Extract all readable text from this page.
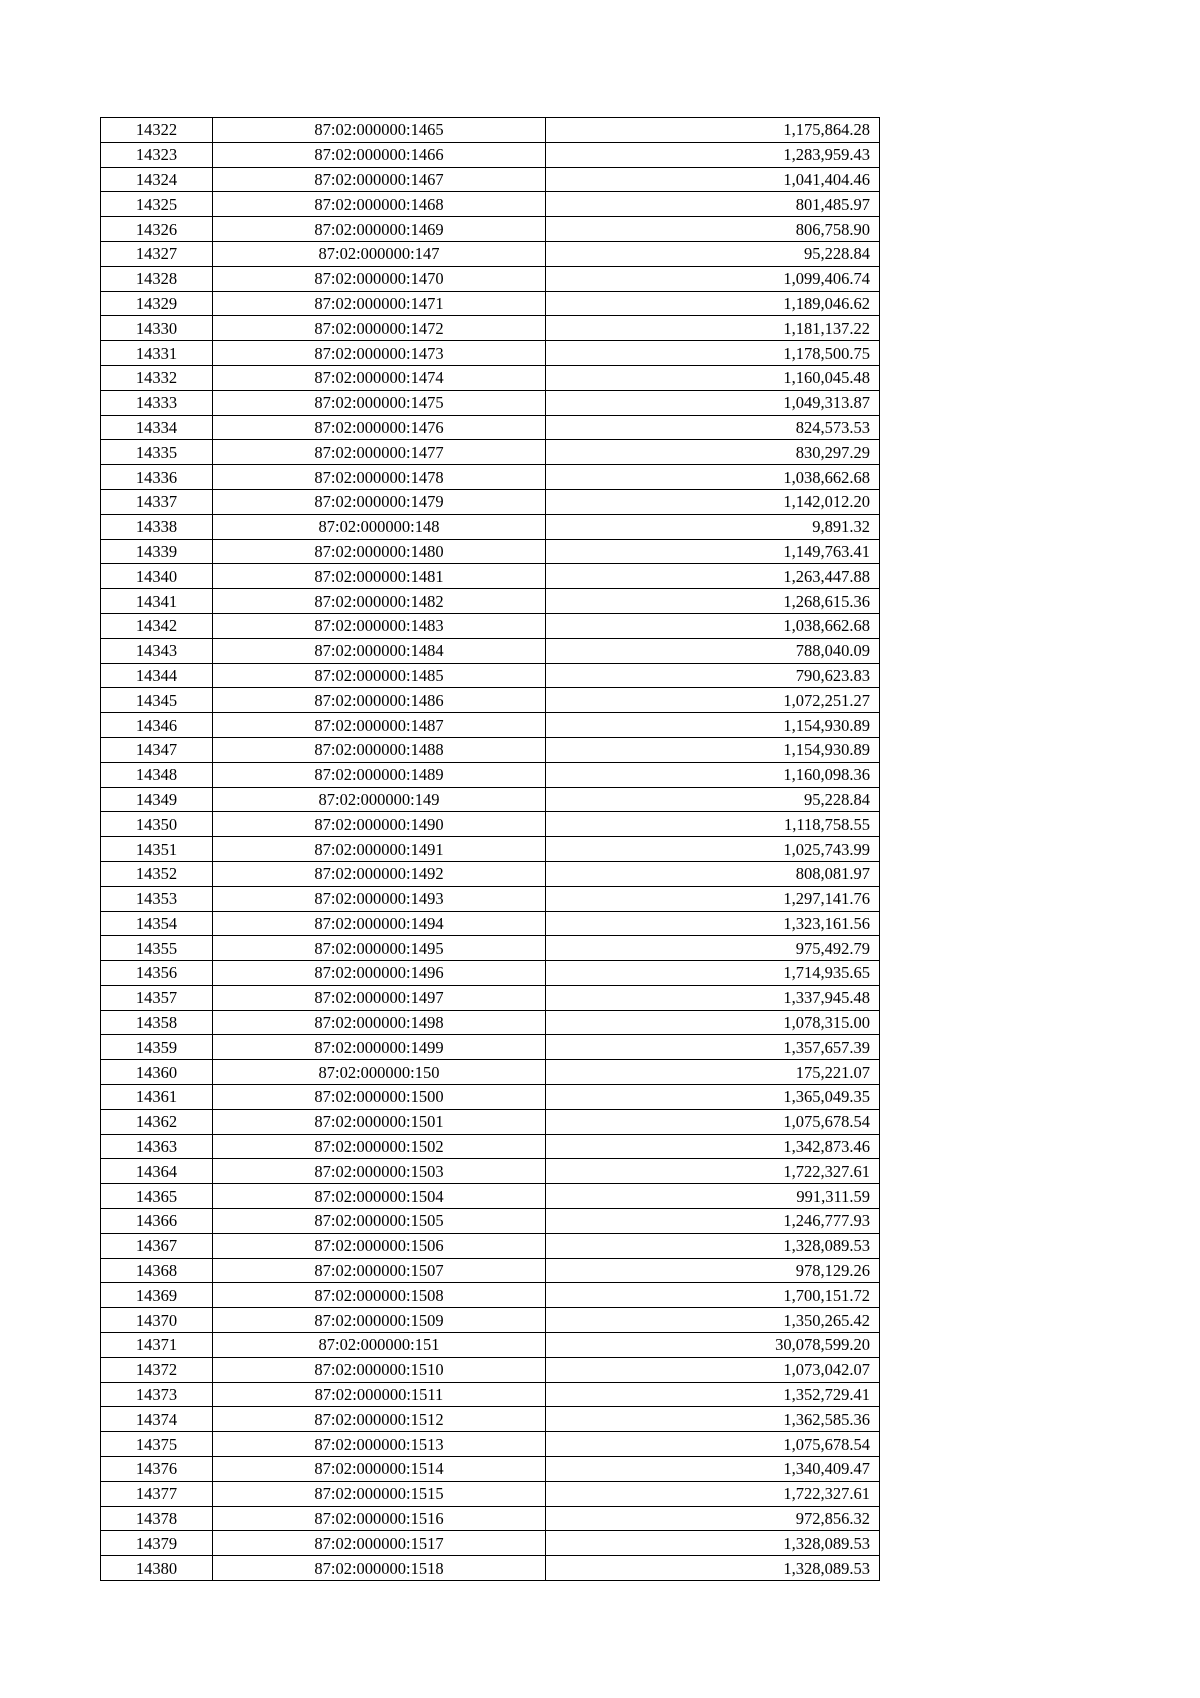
14322	87:02:000000:1465	1,175,864.28
14323	87:02:000000:1466	1,283,959.43
14324	87:02:000000:1467	1,041,404.46
14325	87:02:000000:1468	801,485.97
14326	87:02:000000:1469	806,758.90
14327	87:02:000000:147	95,228.84
14328	87:02:000000:1470	1,099,406.74
14329	87:02:000000:1471	1,189,046.62
14330	87:02:000000:1472	1,181,137.22
14331	87:02:000000:1473	1,178,500.75
14332	87:02:000000:1474	1,160,045.48
14333	87:02:000000:1475	1,049,313.87
14334	87:02:000000:1476	824,573.53
14335	87:02:000000:1477	830,297.29
14336	87:02:000000:1478	1,038,662.68
14337	87:02:000000:1479	1,142,012.20
14338	87:02:000000:148	9,891.32
14339	87:02:000000:1480	1,149,763.41
14340	87:02:000000:1481	1,263,447.88
14341	87:02:000000:1482	1,268,615.36
14342	87:02:000000:1483	1,038,662.68
14343	87:02:000000:1484	788,040.09
14344	87:02:000000:1485	790,623.83
14345	87:02:000000:1486	1,072,251.27
14346	87:02:000000:1487	1,154,930.89
14347	87:02:000000:1488	1,154,930.89
14348	87:02:000000:1489	1,160,098.36
14349	87:02:000000:149	95,228.84
14350	87:02:000000:1490	1,118,758.55
14351	87:02:000000:1491	1,025,743.99
14352	87:02:000000:1492	808,081.97
14353	87:02:000000:1493	1,297,141.76
14354	87:02:000000:1494	1,323,161.56
14355	87:02:000000:1495	975,492.79
14356	87:02:000000:1496	1,714,935.65
14357	87:02:000000:1497	1,337,945.48
14358	87:02:000000:1498	1,078,315.00
14359	87:02:000000:1499	1,357,657.39
14360	87:02:000000:150	175,221.07
14361	87:02:000000:1500	1,365,049.35
14362	87:02:000000:1501	1,075,678.54
14363	87:02:000000:1502	1,342,873.46
14364	87:02:000000:1503	1,722,327.61
14365	87:02:000000:1504	991,311.59
14366	87:02:000000:1505	1,246,777.93
14367	87:02:000000:1506	1,328,089.53
14368	87:02:000000:1507	978,129.26
14369	87:02:000000:1508	1,700,151.72
14370	87:02:000000:1509	1,350,265.42
14371	87:02:000000:151	30,078,599.20
14372	87:02:000000:1510	1,073,042.07
14373	87:02:000000:1511	1,352,729.41
14374	87:02:000000:1512	1,362,585.36
14375	87:02:000000:1513	1,075,678.54
14376	87:02:000000:1514	1,340,409.47
14377	87:02:000000:1515	1,722,327.61
14378	87:02:000000:1516	972,856.32
14379	87:02:000000:1517	1,328,089.53
14380	87:02:000000:1518	1,328,089.53
